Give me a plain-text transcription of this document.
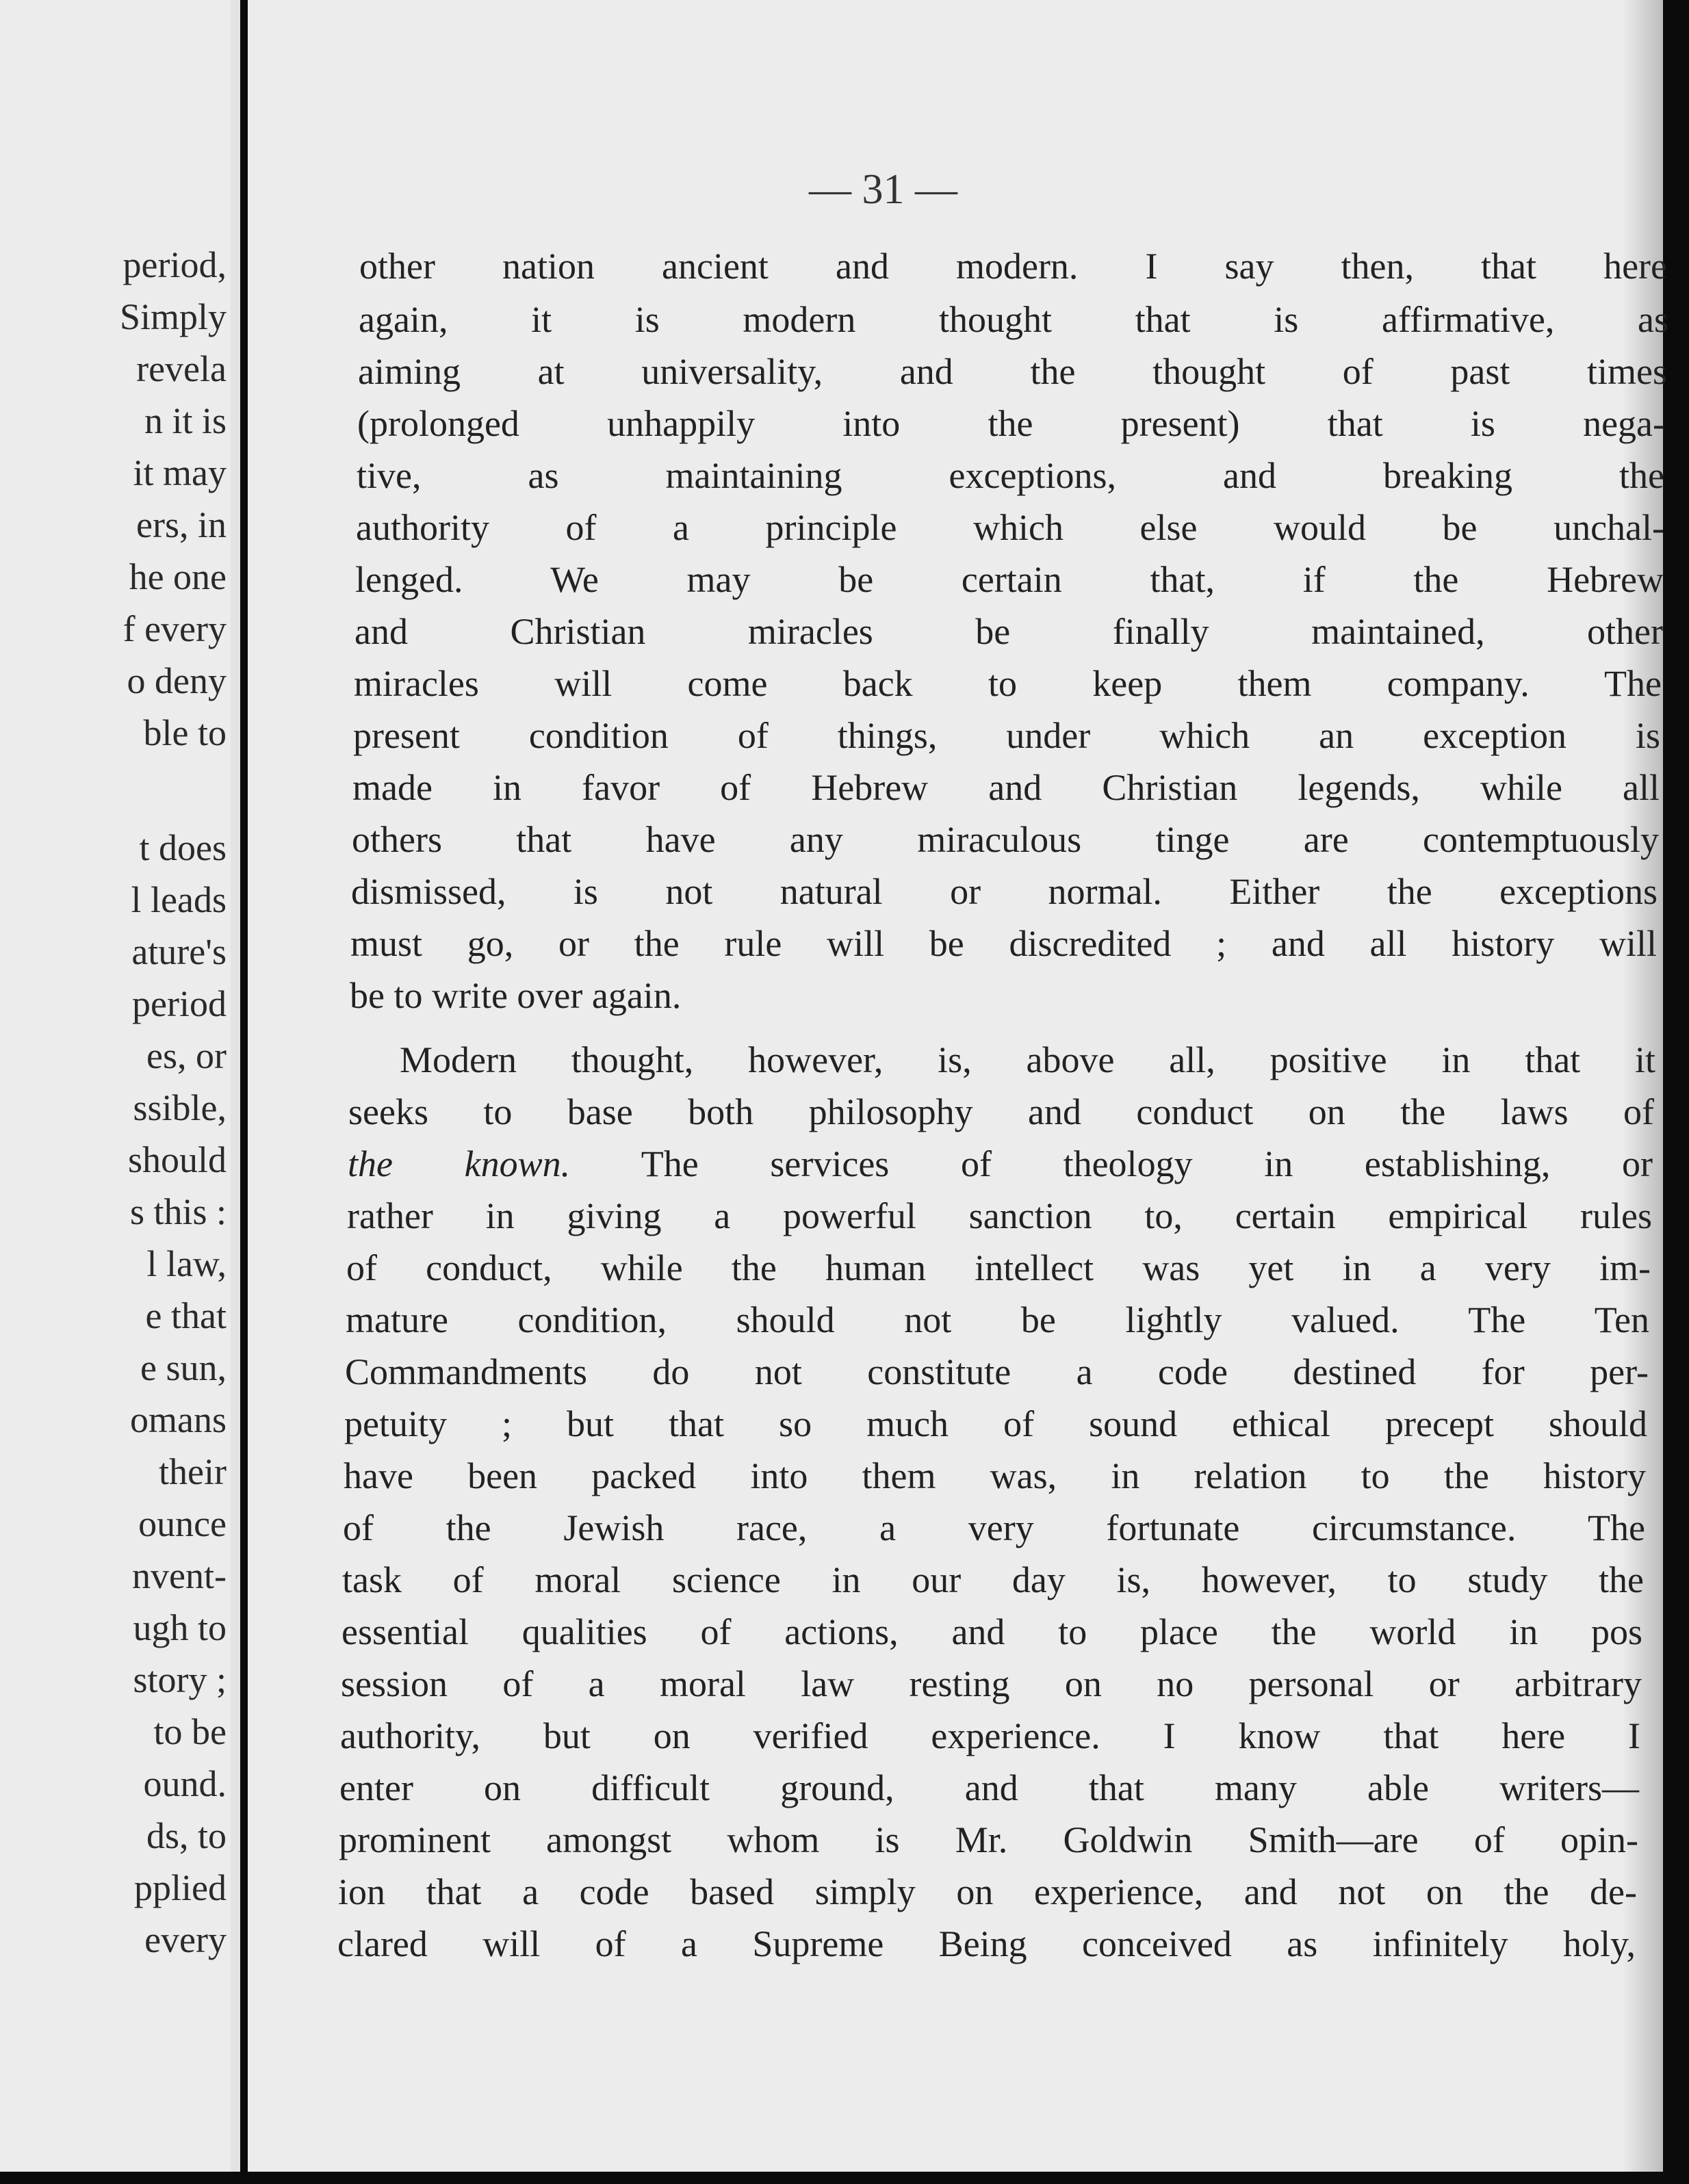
period,

Simply

revela

n it is

it may

ers, in

he one

f every

o deny

ble to

t does

l leads

ature's

period

es, or

ssible,

should

s this :

l law,

e that

e sun,

omans

their

ounce

nvent-

ugh to

story ;

to be

ound.

ds, to

pplied

every

— 31 —

other nation ancient and modern. I say then, that here

again, it is modern thought that is affirmative, as

aiming at universality, and the thought of past times

(prolonged unhappily into the present) that is nega-

tive, as maintaining exceptions, and breaking the

authority of a principle which else would be unchal-

lenged. We may be certain that, if the Hebrew

and Christian miracles be finally maintained, other

miracles will come back to keep them company. The

present condition of things, under which an exception is

made in favor of Hebrew and Christian legends, while all

others that have any miraculous tinge are contemptuously

dismissed, is not natural or normal. Either the exceptions

must go, or the rule will be discredited ; and all history will

be to write over again.

Modern thought, however, is, above all, positive in that it

seeks to base both philosophy and conduct on the laws of

the known. The services of theology in establishing, or

rather in giving a powerful sanction to, certain empirical rules

of conduct, while the human intellect was yet in a very im-

mature condition, should not be lightly valued. The Ten

Commandments do not constitute a code destined for per-

petuity ; but that so much of sound ethical precept should

have been packed into them was, in relation to the history

of the Jewish race, a very fortunate circumstance. The

task of moral science in our day is, however, to study the

essential qualities of actions, and to place the world in pos

session of a moral law resting on no personal or arbitrary

authority, but on verified experience. I know that here I

enter on difficult ground, and that many able writers—

prominent amongst whom is Mr. Goldwin Smith—are of opin-

ion that a code based simply on experience, and not on the de-

clared will of a Supreme Being conceived as infinitely holy,
